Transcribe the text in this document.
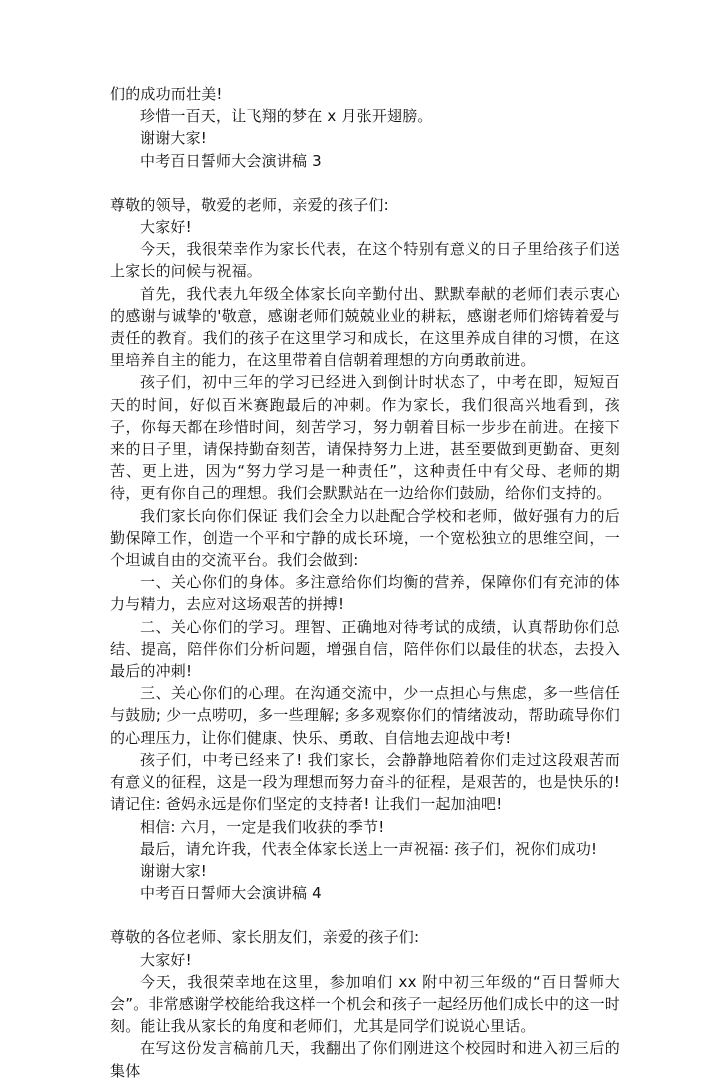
们的成功而壮美!

珍惜一百天，让飞翔的梦在 x 月张开翅膀。

谢谢大家!

中考百日誓师大会演讲稿 3

尊敬的领导，敬爱的老师，亲爱的孩子们:

大家好!

今天，我很荣幸作为家长代表，在这个特别有意义的日子里给孩子们送上家长的问候与祝福。

首先，我代表九年级全体家长向辛勤付出、默默奉献的老师们表示衷心的感谢与诚挚的'敬意，感谢老师们兢兢业业的耕耘，感谢老师们熔铸着爱与责任的教育。我们的孩子在这里学习和成长，在这里养成自律的习惯，在这里培养自主的能力，在这里带着自信朝着理想的方向勇敢前进。

孩子们，初中三年的学习已经进入到倒计时状态了，中考在即，短短百天的时间，好似百米赛跑最后的冲刺。作为家长，我们很高兴地看到，孩子，你每天都在珍惜时间，刻苦学习，努力朝着目标一步步在前进。在接下来的日子里，请保持勤奋刻苦，请保持努力上进，甚至要做到更勤奋、更刻苦、更上进，因为“努力学习是一种责任”，这种责任中有父母、老师的期待，更有你自己的理想。我们会默默站在一边给你们鼓励，给你们支持的。

我们家长向你们保证 我们会全力以赴配合学校和老师，做好强有力的后勤保障工作，创造一个平和宁静的成长环境，一个宽松独立的思维空间，一个坦诚自由的交流平台。我们会做到:

一、关心你们的身体。多注意给你们均衡的营养，保障你们有充沛的体力与精力，去应对这场艰苦的拼搏!

二、关心你们的学习。理智、正确地对待考试的成绩，认真帮助你们总结、提高，陪伴你们分析问题，增强自信，陪伴你们以最佳的状态，去投入最后的冲刺!

三、关心你们的心理。在沟通交流中，少一点担心与焦虑，多一些信任与鼓励; 少一点唠叨，多一些理解; 多多观察你们的情绪波动，帮助疏导你们的心理压力，让你们健康、快乐、勇敢、自信地去迎战中考!

孩子们，中考已经来了! 我们家长，会静静地陪着你们走过这段艰苦而有意义的征程，这是一段为理想而努力奋斗的征程，是艰苦的，也是快乐的! 请记住: 爸妈永远是你们坚定的支持者! 让我们一起加油吧!

相信: 六月，一定是我们收获的季节!

最后，请允许我，代表全体家长送上一声祝福: 孩子们，祝你们成功!

谢谢大家!

中考百日誓师大会演讲稿 4

尊敬的各位老师、家长朋友们，亲爱的孩子们:

大家好!

今天，我很荣幸地在这里，参加咱们 xx 附中初三年级的“百日誓师大会”。非常感谢学校能给我这样一个机会和孩子一起经历他们成长中的这一时刻。能让我从家长的角度和老师们，尤其是同学们说说心里话。

在写这份发言稿前几天，我翻出了你们刚进这个校园时和进入初三后的集体
